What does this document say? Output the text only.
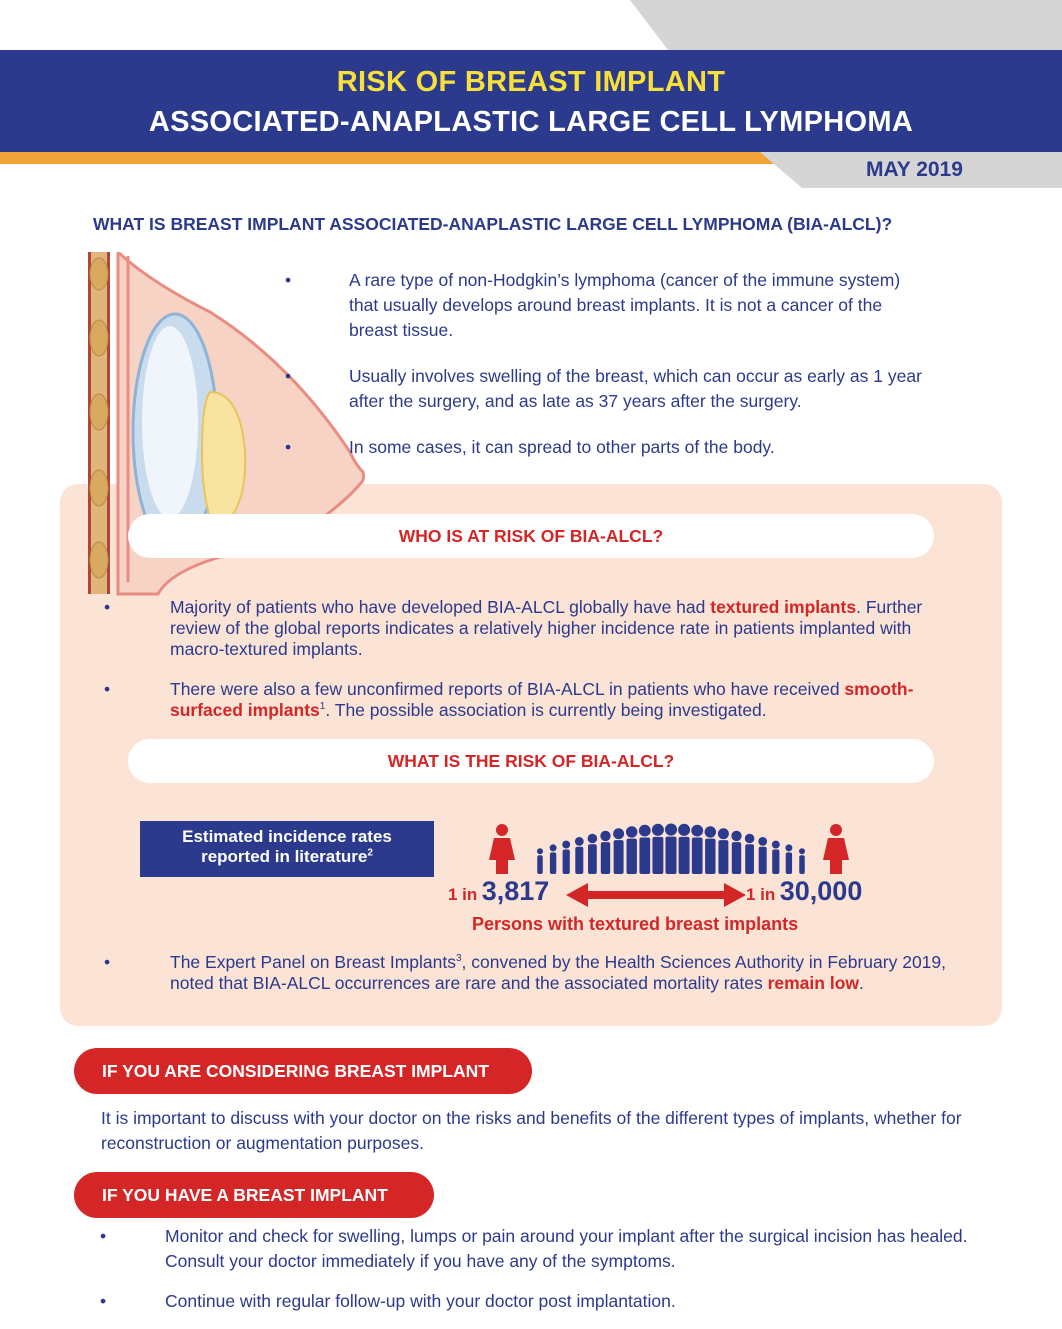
RISK OF BREAST IMPLANT
ASSOCIATED-ANAPLASTIC LARGE CELL LYMPHOMA
MAY 2019
WHAT IS BREAST IMPLANT ASSOCIATED-ANAPLASTIC LARGE CELL LYMPHOMA (BIA-ALCL)?
• A rare type of non-Hodgkin’s lymphoma (cancer of the immune system) that usually develops around breast implants. It is not a cancer of the breast tissue.
• Usually involves swelling of the breast, which can occur as early as 1 year after the surgery, and as late as 37 years after the surgery.
• In some cases, it can spread to other parts of the body.
WHO IS AT RISK OF BIA-ALCL?
• Majority of patients who have developed BIA-ALCL globally have had textured implants. Further review of the global reports indicates a relatively higher incidence rate in patients implanted with macro-textured implants.
• There were also a few unconfirmed reports of BIA-ALCL in patients who have received smooth-surfaced implants$^1$. The possible association is currently being investigated.
WHAT IS THE RISK OF BIA-ALCL?
Estimated incidence rates
reported in literature$^2$
1 in 3,817	1 in 30,000
Persons with textured breast implants
• The Expert Panel on Breast Implants$^3$, convened by the Health Sciences Authority in February 2019, noted that BIA-ALCL occurrences are rare and the associated mortality rates remain low.
IF YOU ARE CONSIDERING BREAST IMPLANT
It is important to discuss with your doctor on the risks and benefits of the different types of implants, whether for reconstruction or augmentation purposes.
IF YOU HAVE A BREAST IMPLANT
• Monitor and check for swelling, lumps or pain around your implant after the surgical incision has healed. Consult your doctor immediately if you have any of the symptoms.
• Continue with regular follow-up with your doctor post implantation.
